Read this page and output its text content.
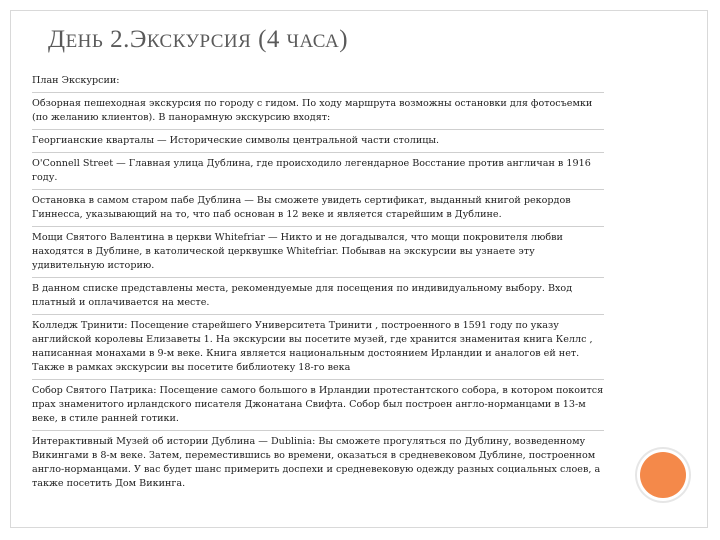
ДЕНЬ 2.ЭКСКУРСИЯ (4 ЧАСА)

План Экскурсии:

Обзорная пешеходная экскурсия по городу с гидом. По ходу маршрута возможны остановки для фотосъемки (по желанию клиентов). В панорамную экскурсию входят:

Георгианские кварталы — Исторические символы центральной части столицы.

O'Connell Street — Главная улица Дублина, где происходило легендарное Восстание против англичан в 1916 году.

Остановка в самом старом пабе Дублина — Вы сможете увидеть сертификат, выданный книгой рекордов Гиннесса, указывающий на то, что паб основан в 12 веке и является старейшим в Дублине.

Мощи Святого Валентина в церкви Whitefriar — Никто и не догадывался, что мощи покровителя любви находятся в Дублине, в католической церквушке Whitefriar. Побывав на экскурсии вы узнаете эту удивительную историю.

В данном списке представлены места, рекомендуемые для посещения по индивидуальному выбору. Вход платный и оплачивается на месте.

Колледж Тринити: Посещение старейшего Университета Тринити , построенного в 1591 году по указу английской королевы Елизаветы 1. На экскурсии вы посетите музей, где хранится знаменитая книга Келлс , написанная монахами в 9-м веке. Книга является национальным достоянием Ирландии и аналогов ей нет. Также в рамках экскурсии вы посетите библиотеку 18-го века

Собор Святого Патрика: Посещение самого большого в Ирландии протестантского собора, в котором покоится прах знаменитого ирландского писателя Джонатана Свифта. Собор был построен англо-норманцами в 13-м веке, в стиле ранней готики.

Интерактивный Музей об истории Дублина — Dublinia: Вы сможете прогуляться по Дублину, возведенному Викингами в 8-м веке. Затем, переместившись во времени, оказаться в средневековом Дублине, построенном англо-норманцами. У вас будет шанс примерить доспехи и средневековую одежду разных социальных слоев, а также посетить Дом Викинга.
